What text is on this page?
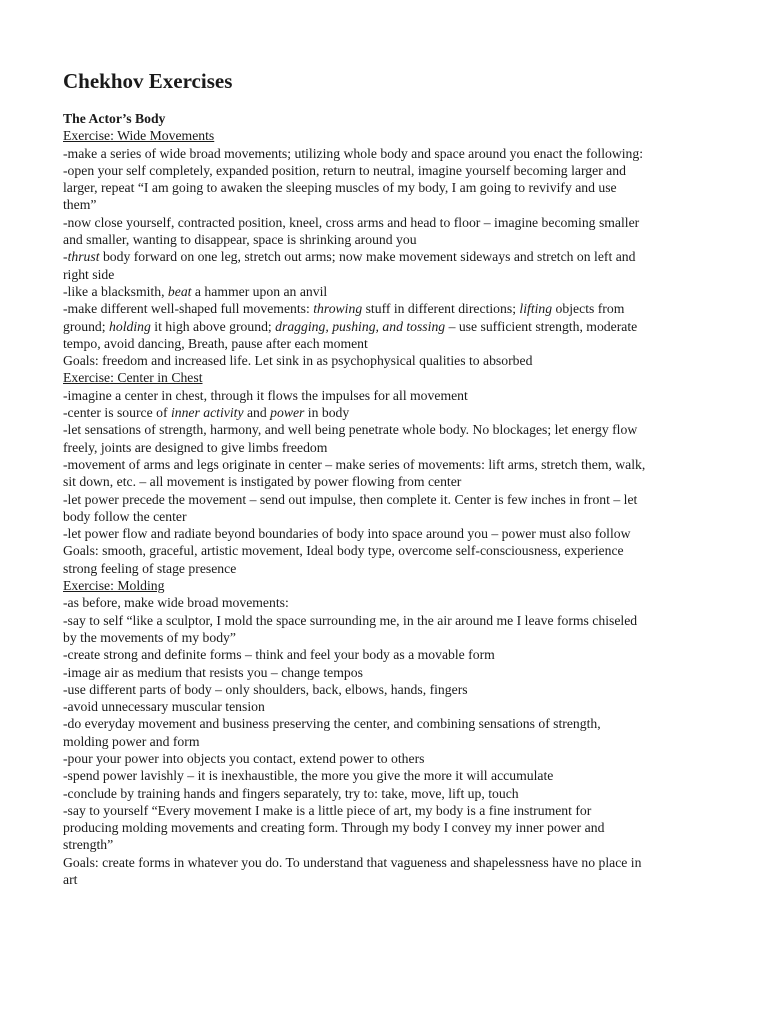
Chekhov Exercises
The Actor’s Body
Exercise: Wide Movements
-make a series of wide broad movements; utilizing whole body and space around you enact the following:
-open your self completely, expanded position, return to neutral, imagine yourself becoming larger and
larger, repeat “I am going to awaken the sleeping muscles of my body, I am going to revivify and use
them”
-now close yourself, contracted position, kneel, cross arms and head to floor – imagine becoming smaller
and smaller, wanting to disappear, space is shrinking around you
-thrust body forward on one leg, stretch out arms; now make movement sideways and stretch on left and
right side
-like a blacksmith, beat a hammer upon an anvil
-make different well-shaped full movements: throwing stuff in different directions; lifting objects from
ground; holding it high above ground; dragging, pushing, and tossing – use sufficient strength, moderate
tempo, avoid dancing, Breath, pause after each moment
Goals: freedom and increased life. Let sink in as psychophysical qualities to absorbed
Exercise: Center in Chest
-imagine a center in chest, through it flows the impulses for all movement
-center is source of inner activity and power in body
-let sensations of strength, harmony, and well being penetrate whole body. No blockages; let energy flow
freely, joints are designed to give limbs freedom
-movement of arms and legs originate in center – make series of movements: lift arms, stretch them, walk,
sit down, etc. – all movement is instigated by power flowing from center
-let power precede the movement – send out impulse, then complete it. Center is few inches in front – let
body follow the center
-let power flow and radiate beyond boundaries of body into space around you – power must also follow
Goals: smooth, graceful, artistic movement, Ideal body type, overcome self-consciousness, experience
strong feeling of stage presence
Exercise: Molding
-as before, make wide broad movements:
-say to self “like a sculptor, I mold the space surrounding me, in the air around me I leave forms chiseled
by the movements of my body”
-create strong and definite forms – think and feel your body as a movable form
-image air as medium that resists you – change tempos
-use different parts of body – only shoulders, back, elbows, hands, fingers
-avoid unnecessary muscular tension
-do everyday movement and business preserving the center, and combining sensations of strength,
molding power and form
-pour your power into objects you contact, extend power to others
-spend power lavishly – it is inexhaustible, the more you give the more it will accumulate
-conclude by training hands and fingers separately, try to: take, move, lift up, touch
-say to yourself “Every movement I make is a little piece of art, my body is a fine instrument for
producing molding movements and creating form. Through my body I convey my inner power and
strength”
Goals: create forms in whatever you do. To understand that vagueness and shapelessness have no place in
art
